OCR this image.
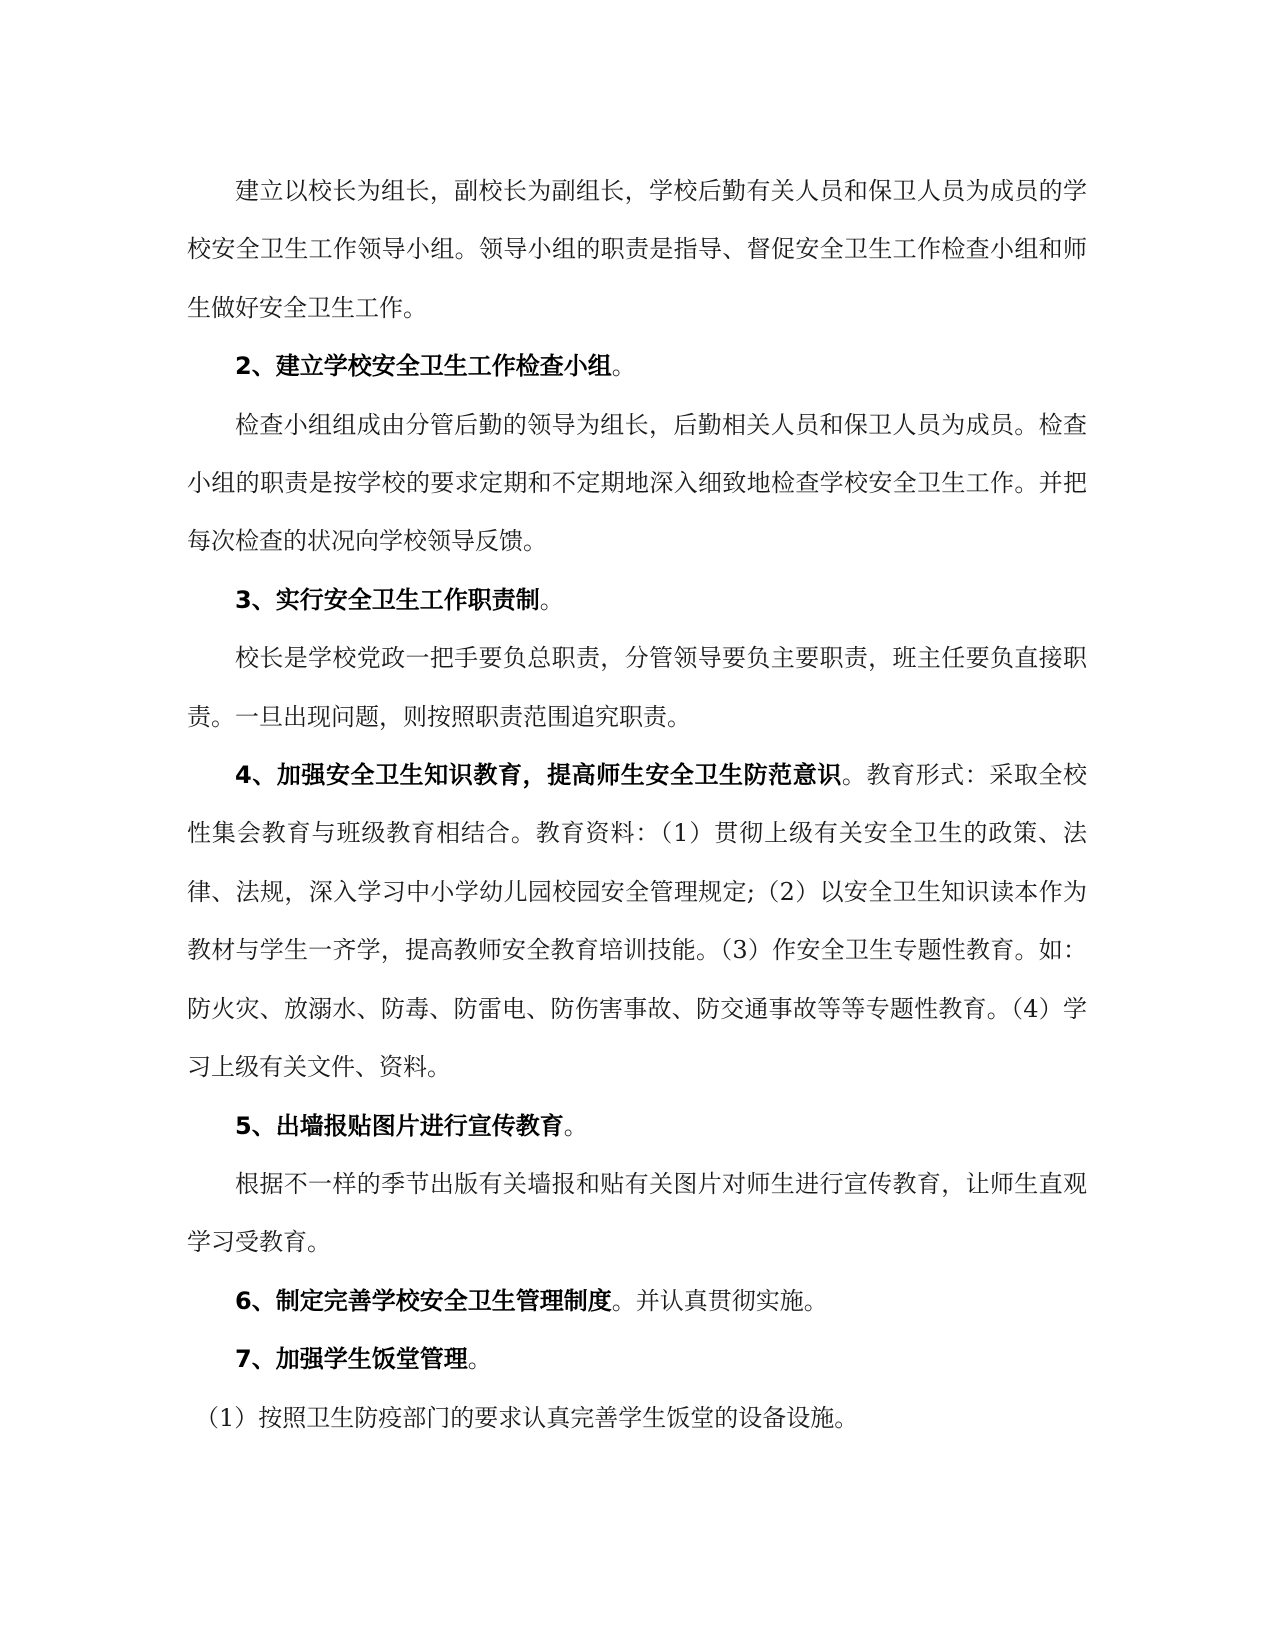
建立以校长为组长，副校长为副组长，学校后勤有关人员和保卫人员为成员的学校安全卫生工作领导小组。领导小组的职责是指导、督促安全卫生工作检查小组和师生做好安全卫生工作。

2、建立学校安全卫生工作检查小组。

检查小组组成由分管后勤的领导为组长，后勤相关人员和保卫人员为成员。检查小组的职责是按学校的要求定期和不定期地深入细致地检查学校安全卫生工作。并把每次检查的状况向学校领导反馈。

3、实行安全卫生工作职责制。

校长是学校党政一把手要负总职责，分管领导要负主要职责，班主任要负直接职责。一旦出现问题，则按照职责范围追究职责。

4、加强安全卫生知识教育，提高师生安全卫生防范意识。教育形式：采取全校性集会教育与班级教育相结合。教育资料：（1）贯彻上级有关安全卫生的政策、法律、法规，深入学习中小学幼儿园校园安全管理规定;（2）以安全卫生知识读本作为教材与学生一齐学，提高教师安全教育培训技能。（3）作安全卫生专题性教育。如：防火灾、放溺水、防毒、防雷电、防伤害事故、防交通事故等等专题性教育。（4）学习上级有关文件、资料。

5、出墙报贴图片进行宣传教育。

根据不一样的季节出版有关墙报和贴有关图片对师生进行宣传教育，让师生直观学习受教育。

6、制定完善学校安全卫生管理制度。并认真贯彻实施。

7、加强学生饭堂管理。

（1）按照卫生防疫部门的要求认真完善学生饭堂的设备设施。
